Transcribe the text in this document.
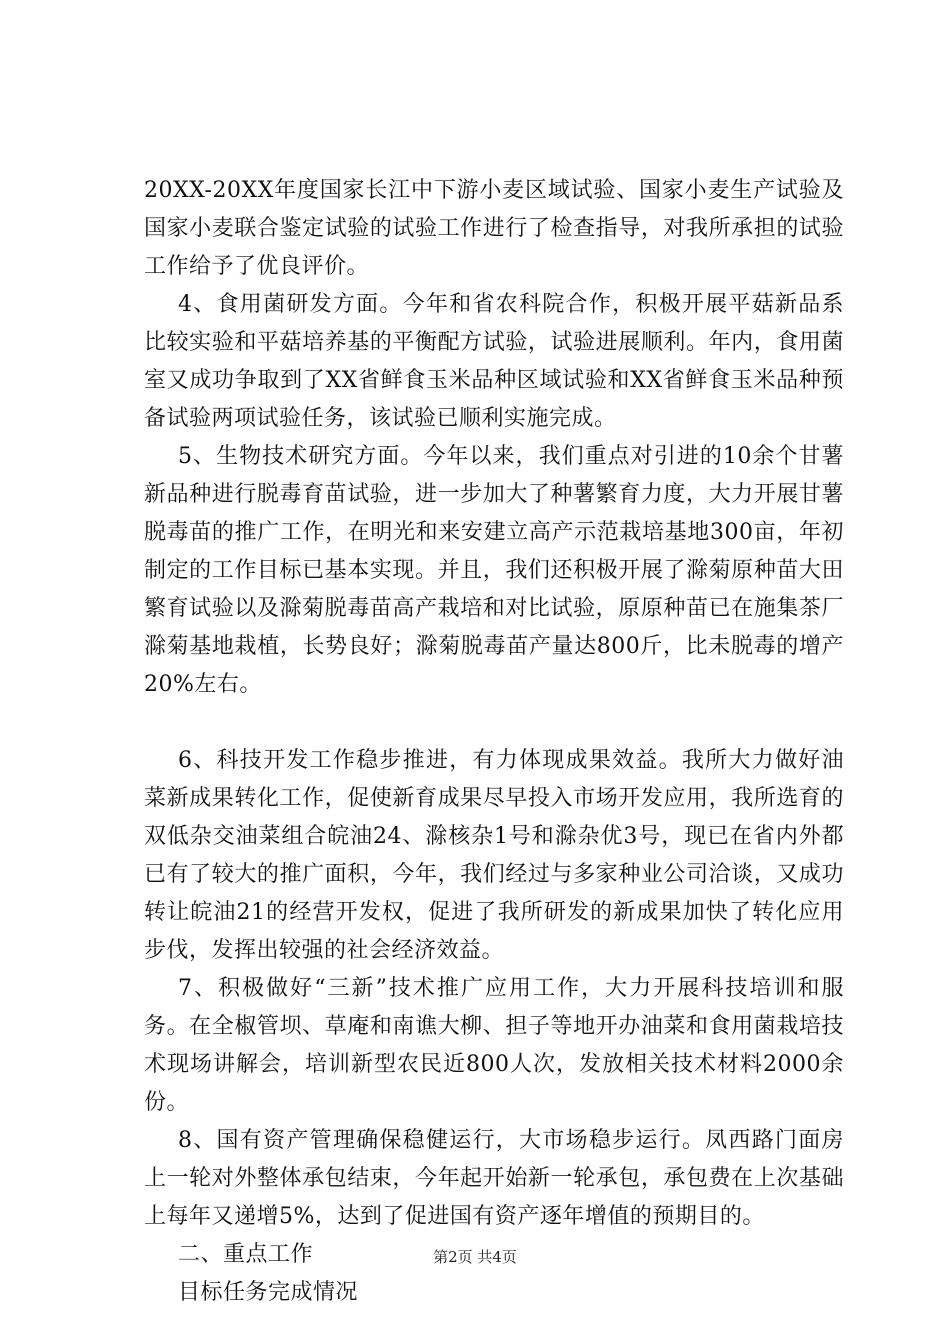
20XX-20XX年度国家长江中下游小麦区域试验、国家小麦生产试验及国家小麦联合鉴定试验的试验工作进行了检查指导，对我所承担的试验工作给予了优良评价。

4、食用菌研发方面。今年和省农科院合作，积极开展平菇新品系比较实验和平菇培养基的平衡配方试验，试验进展顺利。年内，食用菌室又成功争取到了XX省鲜食玉米品种区域试验和XX省鲜食玉米品种预备试验两项试验任务，该试验已顺利实施完成。

5、生物技术研究方面。今年以来，我们重点对引进的10余个甘薯新品种进行脱毒育苗试验，进一步加大了种薯繁育力度，大力开展甘薯脱毒苗的推广工作，在明光和来安建立高产示范栽培基地300亩，年初制定的工作目标已基本实现。并且，我们还积极开展了滁菊原种苗大田繁育试验以及滁菊脱毒苗高产栽培和对比试验，原原种苗已在施集茶厂滁菊基地栽植，长势良好；滁菊脱毒苗产量达800斤，比未脱毒的增产20%左右。

6、科技开发工作稳步推进，有力体现成果效益。我所大力做好油菜新成果转化工作，促使新育成果尽早投入市场开发应用，我所选育的双低杂交油菜组合皖油24、滁核杂1号和滁杂优3号，现已在省内外都已有了较大的推广面积，今年，我们经过与多家种业公司洽谈，又成功转让皖油21的经营开发权，促进了我所研发的新成果加快了转化应用步伐，发挥出较强的社会经济效益。

7、积极做好“三新”技术推广应用工作，大力开展科技培训和服务。在全椒管坝、草庵和南谯大柳、担子等地开办油菜和食用菌栽培技术现场讲解会，培训新型农民近800人次，发放相关技术材料2000余份。

8、国有资产管理确保稳健运行，大市场稳步运行。凤西路门面房上一轮对外整体承包结束，今年起开始新一轮承包，承包费在上次基础上每年又递增5%，达到了促进国有资产逐年增值的预期目的。

二、重点工作

目标任务完成情况

第2页 共4页
